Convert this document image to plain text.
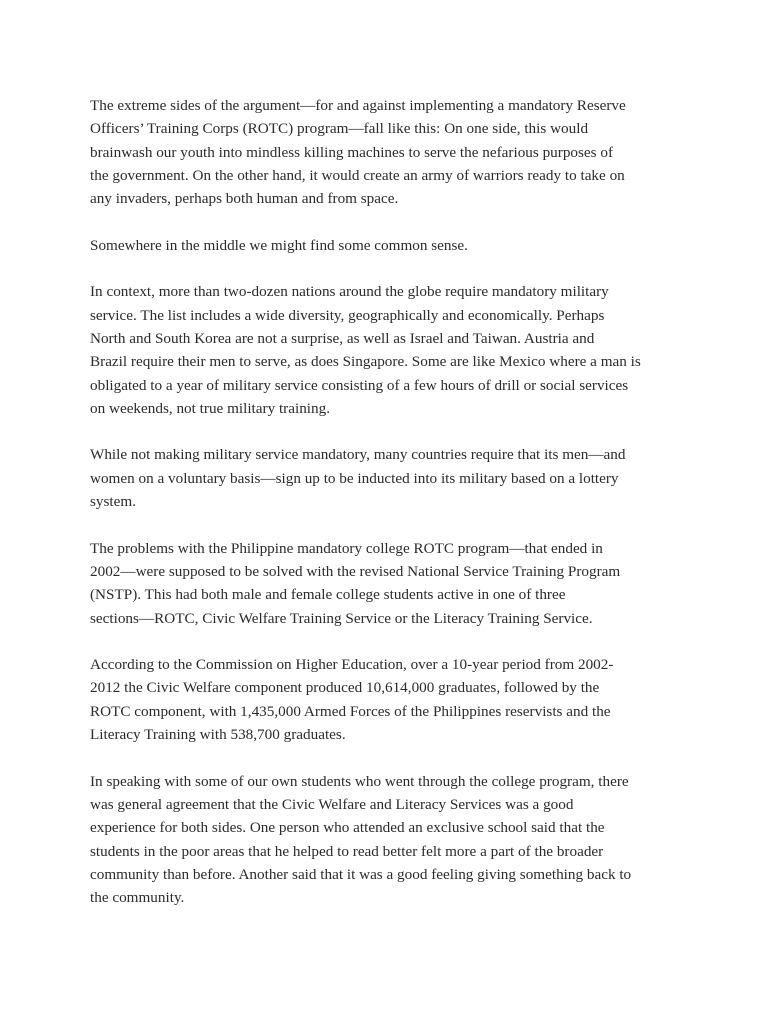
The extreme sides of the argument—for and against implementing a mandatory Reserve
Officers’ Training Corps (ROTC) program—fall like this: On one side, this would
brainwash our youth into mindless killing machines to serve the nefarious purposes of
the government. On the other hand, it would create an army of warriors ready to take on
any invaders, perhaps both human and from space.

Somewhere in the middle we might find some common sense.

In context, more than two-dozen nations around the globe require mandatory military
service. The list includes a wide diversity, geographically and economically. Perhaps
North and South Korea are not a surprise, as well as Israel and Taiwan. Austria and
Brazil require their men to serve, as does Singapore. Some are like Mexico where a man is
obligated to a year of military service consisting of a few hours of drill or social services
on weekends, not true military training.

While not making military service mandatory, many countries require that its men—and
women on a voluntary basis—sign up to be inducted into its military based on a lottery
system.

The problems with the Philippine mandatory college ROTC program—that ended in
2002—were supposed to be solved with the revised National Service Training Program
(NSTP). This had both male and female college students active in one of three
sections—ROTC, Civic Welfare Training Service or the Literacy Training Service.

According to the Commission on Higher Education, over a 10-year period from 2002-
2012 the Civic Welfare component produced 10,614,000 graduates, followed by the
ROTC component, with 1,435,000 Armed Forces of the Philippines reservists and the
Literacy Training with 538,700 graduates.

In speaking with some of our own students who went through the college program, there
was general agreement that the Civic Welfare and Literacy Services was a good
experience for both sides. One person who attended an exclusive school said that the
students in the poor areas that he helped to read better felt more a part of the broader
community than before. Another said that it was a good feeling giving something back to
the community.
